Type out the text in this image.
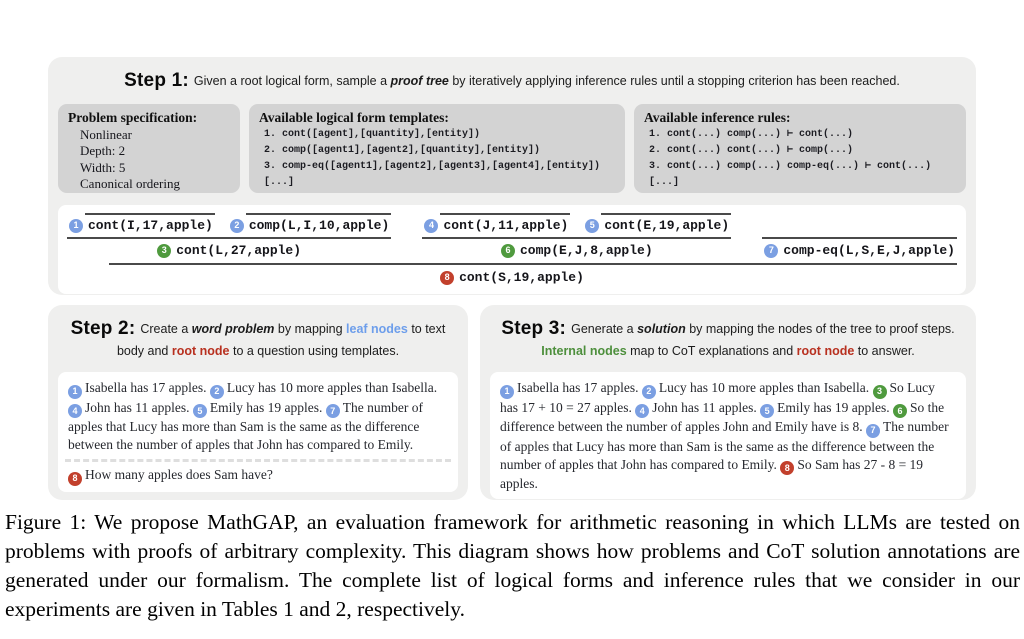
Step 1: Given a root logical form, sample a proof tree by iteratively applying inference rules until a stopping criterion has been reached.
Problem specification:
Nonlinear
Depth: 2
Width: 5
Canonical ordering
Available logical form templates:
1. cont([agent],[quantity],[entity])
2. comp([agent1],[agent2],[quantity],[entity])
3. comp-eq([agent1],[agent2],[agent3],[agent4],[entity])
[...]
Available inference rules:
1. cont(...) comp(...) ⊢ cont(...)
2. cont(...) cont(...) ⊢ comp(...)
3. cont(...) comp(...) comp-eq(...) ⊢ cont(...)
[...]
1 cont(I,17,apple)	2 comp(L,I,10,apple)
3 cont(L,27,apple)
4 cont(J,11,apple)	5 cont(E,19,apple)
6 comp(E,J,8,apple)	7 comp-eq(L,S,E,J,apple)
8 cont(S,19,apple)
Step 2: Create a word problem by mapping leaf nodes to text body and root node to a question using templates.

1 Isabella has 17 apples. 2 Lucy has 10 more apples than Isabella. 4 John has 11 apples. 5 Emily has 19 apples. 7 The number of apples that Lucy has more than Sam is the same as the difference between the number of apples that John has compared to Emily.

8 How many apples does Sam have?

Step 3: Generate a solution by mapping the nodes of the tree to proof steps. Internal nodes map to CoT explanations and root node to answer.

1 Isabella has 17 apples. 2 Lucy has 10 more apples than Isabella. 3 So Lucy has 17 + 10 = 27 apples. 4 John has 11 apples. 5 Emily has 19 apples. 6 So the difference between the number of apples John and Emily have is 8. 7 The number of apples that Lucy has more than Sam is the same as the difference between the number of apples that John has compared to Emily. 8 So Sam has 27 - 8 = 19 apples.

Figure 1: We propose MathGAP, an evaluation framework for arithmetic reasoning in which LLMs are tested on problems with proofs of arbitrary complexity. This diagram shows how problems and CoT solution annotations are generated under our formalism. The complete list of logical forms and inference rules that we consider in our experiments are given in Tables 1 and 2, respectively.
